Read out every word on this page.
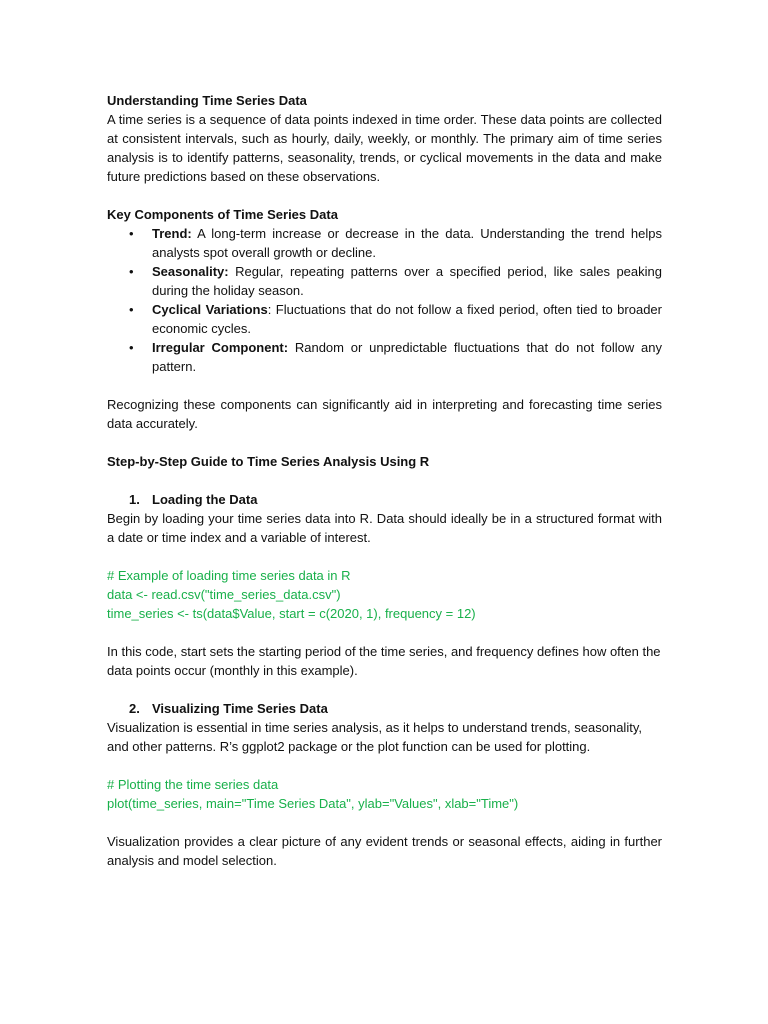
Understanding Time Series Data

A time series is a sequence of data points indexed in time order. These data points are collected at consistent intervals, such as hourly, daily, weekly, or monthly. The primary aim of time series analysis is to identify patterns, seasonality, trends, or cyclical movements in the data and make future predictions based on these observations.

Key Components of Time Series Data

• Trend: A long-term increase or decrease in the data. Understanding the trend helps analysts spot overall growth or decline.
• Seasonality: Regular, repeating patterns over a specified period, like sales peaking during the holiday season.
• Cyclical Variations: Fluctuations that do not follow a fixed period, often tied to broader economic cycles.
• Irregular Component: Random or unpredictable fluctuations that do not follow any pattern.

Recognizing these components can significantly aid in interpreting and forecasting time series data accurately.

Step-by-Step Guide to Time Series Analysis Using R

1. Loading the Data

Begin by loading your time series data into R. Data should ideally be in a structured format with a date or time index and a variable of interest.

# Example of loading time series data in R

data <- read.csv("time_series_data.csv")

time_series <- ts(data$Value, start = c(2020, 1), frequency = 12)

In this code, start sets the starting period of the time series, and frequency defines how often the data points occur (monthly in this example).

2. Visualizing Time Series Data

Visualization is essential in time series analysis, as it helps to understand trends, seasonality, and other patterns. R’s ggplot2 package or the plot function can be used for plotting.

# Plotting the time series data

plot(time_series, main="Time Series Data", ylab="Values", xlab="Time")

Visualization provides a clear picture of any evident trends or seasonal effects, aiding in further analysis and model selection.
